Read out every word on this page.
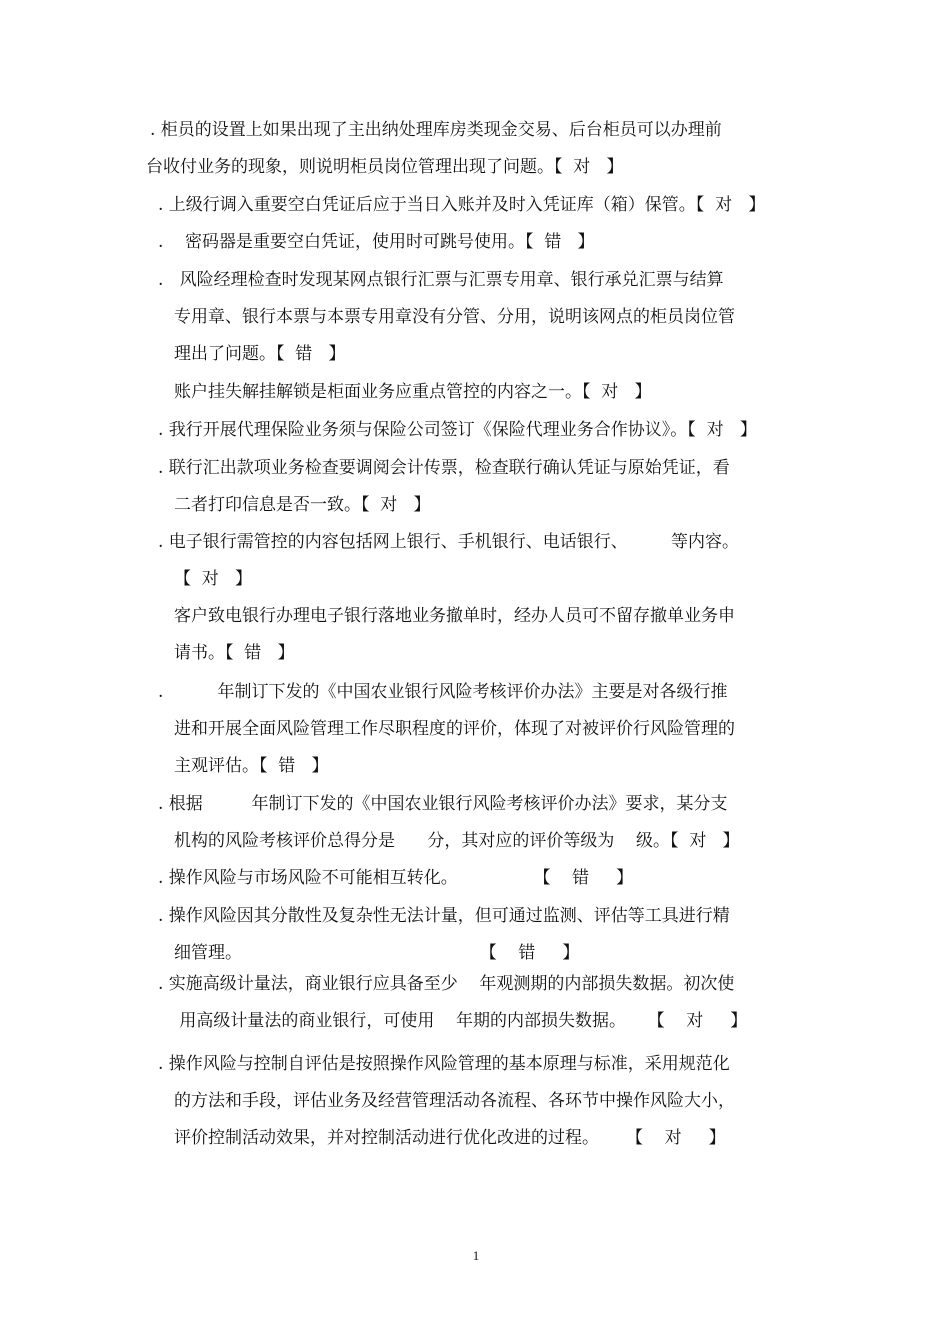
. 柜员的设置上如果出现了主出纳处理库房类现金交易、后台柜员可以办理前
台收付业务的现象，则说明柜员岗位管理出现了问题。【  对   】

. 上级行调入重要空白凭证后应于当日入账并及时入凭证库（箱）保管。【  对   】

.    密码器是重要空白凭证，使用时可跳号使用。【  错   】

.   风险经理检查时发现某网点银行汇票与汇票专用章、银行承兑汇票与结算
专用章、银行本票与本票专用章没有分管、分用，说明该网点的柜员岗位管
理出了问题。【  错   】

账户挂失解挂解锁是柜面业务应重点管控的内容之一。【  对   】

. 我行开展代理保险业务须与保险公司签订《保险代理业务合作协议》。【  对   】

. 联行汇出款项业务检查要调阅会计传票，检查联行确认凭证与原始凭证，看
二者打印信息是否一致。【  对   】

. 电子银行需管控的内容包括网上银行、手机银行、电话银行、        等内容。
【  对   】

客户致电银行办理电子银行落地业务撤单时，经办人员可不留存撤单业务申
请书。【  错   】

.          年制订下发的《中国农业银行风险考核评价办法》主要是对各级行推
进和开展全面风险管理工作尽职程度的评价，体现了对被评价行风险管理的
主观评估。【  错   】

. 根据         年制订下发的《中国农业银行风险考核评价办法》要求，某分支
机构的风险考核评价总得分是      分，其对应的评价等级为    级。【  对   】

. 操作风险与市场风险不可能相互转化。              【    错     】

. 操作风险因其分散性及复杂性无法计量，但可通过监测、评估等工具进行精
细管理。                                            【    错     】

. 实施高级计量法，商业银行应具备至少    年观测期的内部损失数据。初次使
用高级计量法的商业银行，可使用    年期的内部损失数据。    【    对     】

. 操作风险与控制自评估是按照操作风险管理的基本原理与标准，采用规范化
的方法和手段，评估业务及经营管理活动各流程、各环节中操作风险大小，
评价控制活动效果，并对控制活动进行优化改进的过程。     【    对     】

1
